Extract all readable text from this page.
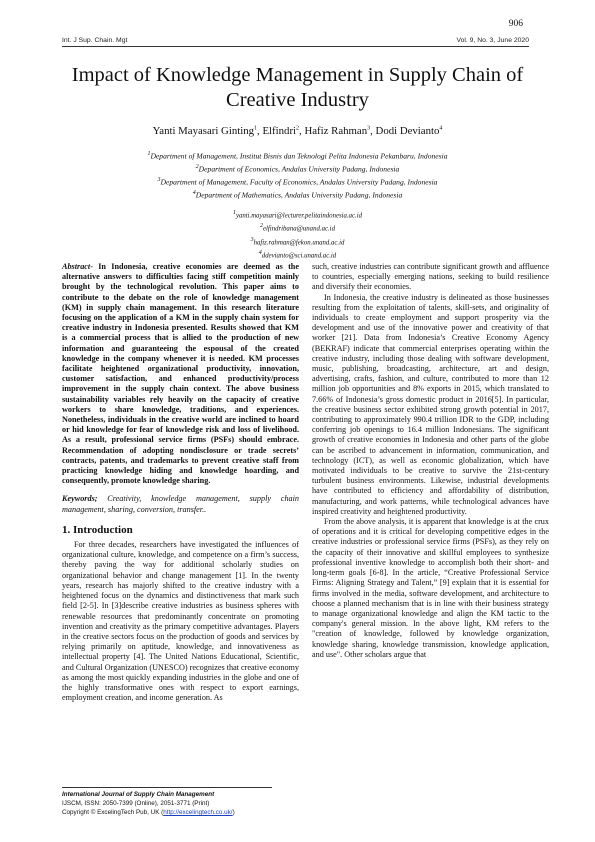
906
Int. J Sup. Chain. Mgt	Vol. 9, No. 3, June 2020
Impact of Knowledge Management in Supply Chain of Creative Industry
Yanti Mayasari Ginting$^1$, Elfindri$^2$, Hafiz Rahman$^3$, Dodi Devianto$^4$
$^1$Department of Management, Institut Bisnis dan Teknologi Pelita Indonesia Pekanbaru, Indonesia
$^2$Department of Economics, Andalas University Padang, Indonesia
$^3$Department of Management, Faculty of Economics, Andalas University Padang, Indonesia
$^4$Department of Mathematics, Andalas University Padang, Indonesia
$^1$yanti.mayasari@lecturer.pelitaindonesia.ac.id
$^2$elfindribana@unand.ac.id
$^3$hafiz.rahman@fekon.unand.ac.id
$^4$ddevianto@sci.unand.ac.id

Abstract- In Indonesia, creative economies are deemed as the alternative answers to difficulties facing stiff competition mainly brought by the technological revolution. This paper aims to contribute to the debate on the role of knowledge management (KM) in supply chain management. In this research literature focusing on the application of a KM in the supply chain system for creative industry in Indonesia presented. Results showed that KM is a commercial process that is allied to the production of new information and guaranteeing the espousal of the created knowledge in the company whenever it is needed. KM processes facilitate heightened organizational productivity, innovation, customer satisfaction, and enhanced productivity/process improvement in the supply chain context. The above business sustainability variables rely heavily on the capacity of creative workers to share knowledge, traditions, and experiences. Nonetheless, individuals in the creative world are inclined to hoard or hid knowledge for fear of knowledge risk and loss of livelihood. As a result, professional service firms (PSFs) should embrace. Recommendation of adopting nondisclosure or trade secrets’ contracts, patents, and trademarks to prevent creative staff from practicing knowledge hiding and knowledge hoarding, and consequently, promote knowledge sharing.

Keywords; Creativity, knowledge management, supply chain management, sharing, conversion, transfer..

1. Introduction

For three decades, researchers have investigated the influences of organizational culture, knowledge, and competence on a firm’s success, thereby paving the way for additional scholarly studies on organizational behavior and change management [1]. In the twenty years, research has majorly shifted to the creative industry with a heightened focus on the dynamics and distinctiveness that mark such field [2-5]. In [3]describe creative industries as business spheres with renewable resources that predominantly concentrate on promoting invention and creativity as the primary competitive advantages. Players in the creative sectors focus on the production of goods and services by relying primarily on aptitude, knowledge, and innovativeness as intellectual property [4]. The United Nations Educational, Scientific, and Cultural Organization (UNESCO) recognizes that creative economy as among the most quickly expanding industries in the globe and one of the highly transformative ones with respect to export earnings, employment creation, and income generation. As

such, creative industries can contribute significant growth and affluence to countries, especially emerging nations, seeking to build resilience and diversify their economies.

In Indonesia, the creative industry is delineated as those businesses resulting from the exploitation of talents, skill-sets, and originality of individuals to create employment and support prosperity via the development and use of the innovative power and creativity of that worker [21]. Data from Indonesia’s Creative Economy Agency (BEKRAF) indicate that commercial enterprises operating within the creative industry, including those dealing with software development, music, publishing, broadcasting, architecture, art and design, advertising, crafts, fashion, and culture, contributed to more than 12 million job opportunities and 8% exports in 2015, which translated to 7.66% of Indonesia’s gross domestic product in 2016[5]. In particular, the creative business sector exhibited strong growth potential in 2017, contributing to approximately 990.4 trillion IDR to the GDP, including conferring job openings to 16.4 million Indonesians. The significant growth of creative economies in Indonesia and other parts of the globe can be ascribed to advancement in information, communication, and technology (ICT), as well as economic globalization, which have motivated individuals to be creative to survive the 21st-century turbulent business environments. Likewise, industrial developments have contributed to efficiency and affordability of distribution, manufacturing, and work patterns, while technological advances have inspired creativity and heightened productivity.

From the above analysis, it is apparent that knowledge is at the crux of operations and it is critical for developing competitive edges in the creative industries or professional service firms (PSFs), as they rely on the capacity of their innovative and skillful employees to synthesize professional inventive knowledge to accomplish both their short- and long-term goals [6-8]. In the article, “Creative Professional Service Firms: Aligning Strategy and Talent,” [9] explain that it is essential for firms involved in the media, software development, and architecture to choose a planned mechanism that is in line with their business strategy to manage organizational knowledge and align the KM tactic to the company's general mission. In the above light, KM refers to the "creation of knowledge, followed by knowledge organization, knowledge sharing, knowledge transmission, knowledge application, and use". Other scholars argue that

International Journal of Supply Chain Management
IJSCM, ISSN: 2050-7399 (Online), 2051-3771 (Print)
Copyright © ExcelingTech Pub, UK (http://excelingtech.co.uk/)
